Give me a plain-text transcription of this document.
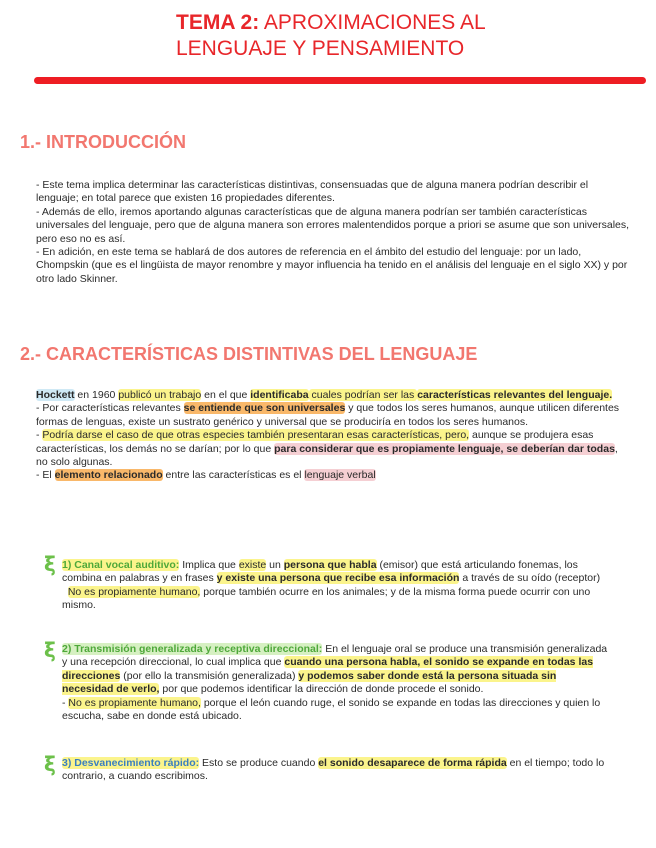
TEMA 2: APROXIMACIONES AL
LENGUAJE Y PENSAMIENTO
1.- INTRODUCCIÓN

- Este tema implica determinar las características distintivas, consensuadas que de alguna manera podrían describir el lenguaje; en total parece que existen 16 propiedades diferentes.

- Además de ello, iremos aportando algunas características que de alguna manera podrían ser también características universales del lenguaje, pero que de alguna manera son errores malentendidos porque a priori se asume que son universales, pero eso no es así.

- En adición, en este tema se hablará de dos autores de referencia en el ámbito del estudio del lenguaje: por un lado, Chompskin (que es el lingüista de mayor renombre y mayor influencia ha tenido en el análisis del lenguaje en el siglo XX) y por otro lado Skinner.

2.- CARACTERÍSTICAS DISTINTIVAS DEL LENGUAJE

Hockett en 1960 publicó un trabajo en el que identificaba cuales podrían ser las características relevantes del lenguaje.

- Por características relevantes se entiende que son universales y que todos los seres humanos, aunque utilicen diferentes formas de lenguas, existe un sustrato genérico y universal que se produciría en todos los seres humanos.

- Podría darse el caso de que otras especies también presentaran esas características, pero, aunque se produjera esas características, los demás no se darían; por lo que para considerar que es propiamente lenguaje, se deberían dar todas, no solo algunas.

- El elemento relacionado entre las características es el lenguaje verbal

ξ 1) Canal vocal auditivo: Implica que existe un persona que habla (emisor) que está articulando fonemas, los combina en palabras y en frases y existe una persona que recibe esa información a través de su oído (receptor)

No es propiamente humano, porque también ocurre en los animales; y de la misma forma puede ocurrir con uno mismo.

ξ 2) Transmisión generalizada y receptiva direccional: En el lenguaje oral se produce una transmisión generalizada y una recepción direccional, lo cual implica que cuando una persona habla, el sonido se expande en todas las direcciones (por ello la transmisión generalizada) y podemos saber donde está la persona situada sin necesidad de verlo, por que podemos identificar la dirección de donde procede el sonido.

- No es propiamente humano, porque el león cuando ruge, el sonido se expande en todas las direcciones y quien lo escucha, sabe en donde está ubicado.

ξ 3) Desvanecimiento rápido: Esto se produce cuando el sonido desaparece de forma rápida en el tiempo; todo lo contrario, a cuando escribimos.
